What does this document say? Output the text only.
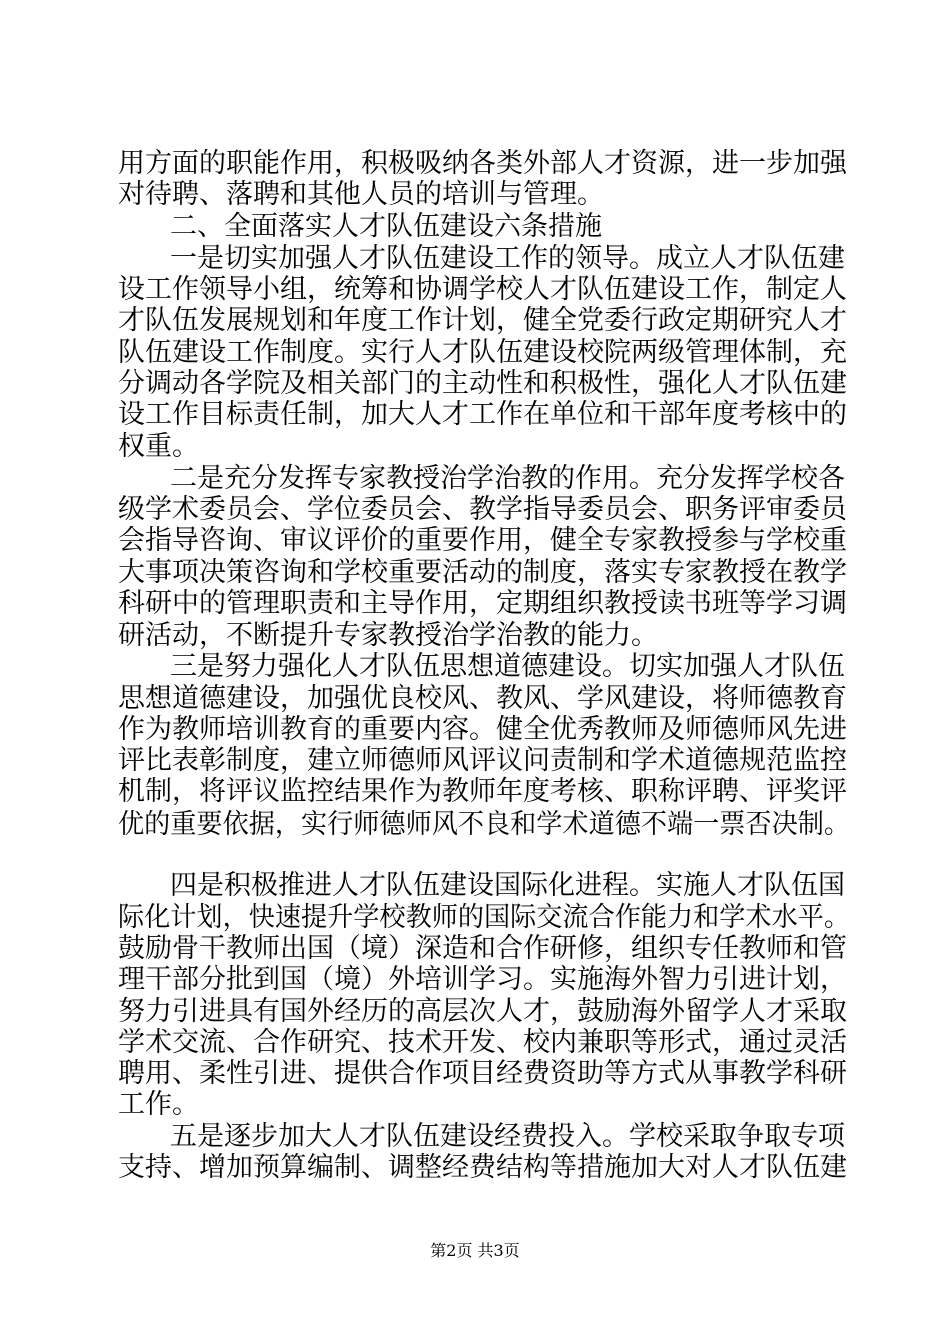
用方面的职能作用，积极吸纳各类外部人才资源，进一步加强
对待聘、落聘和其他人员的培训与管理。
二、全面落实人才队伍建设六条措施
一是切实加强人才队伍建设工作的领导。成立人才队伍建
设工作领导小组，统筹和协调学校人才队伍建设工作，制定人
才队伍发展规划和年度工作计划，健全党委行政定期研究人才
队伍建设工作制度。实行人才队伍建设校院两级管理体制，充
分调动各学院及相关部门的主动性和积极性，强化人才队伍建
设工作目标责任制，加大人才工作在单位和干部年度考核中的
权重。
二是充分发挥专家教授治学治教的作用。充分发挥学校各
级学术委员会、学位委员会、教学指导委员会、职务评审委员
会指导咨询、审议评价的重要作用，健全专家教授参与学校重
大事项决策咨询和学校重要活动的制度，落实专家教授在教学
科研中的管理职责和主导作用，定期组织教授读书班等学习调
研活动，不断提升专家教授治学治教的能力。
三是努力强化人才队伍思想道德建设。切实加强人才队伍
思想道德建设，加强优良校风、教风、学风建设，将师德教育
作为教师培训教育的重要内容。健全优秀教师及师德师风先进
评比表彰制度，建立师德师风评议问责制和学术道德规范监控
机制，将评议监控结果作为教师年度考核、职称评聘、评奖评
优的重要依据，实行师德师风不良和学术道德不端一票否决制。
四是积极推进人才队伍建设国际化进程。实施人才队伍国
际化计划，快速提升学校教师的国际交流合作能力和学术水平。
鼓励骨干教师出国（境）深造和合作研修，组织专任教师和管
理干部分批到国（境）外培训学习。实施海外智力引进计划，
努力引进具有国外经历的高层次人才，鼓励海外留学人才采取
学术交流、合作研究、技术开发、校内兼职等形式，通过灵活
聘用、柔性引进、提供合作项目经费资助等方式从事教学科研
工作。
五是逐步加大人才队伍建设经费投入。学校采取争取专项
支持、增加预算编制、调整经费结构等措施加大对人才队伍建
第2页 共3页
